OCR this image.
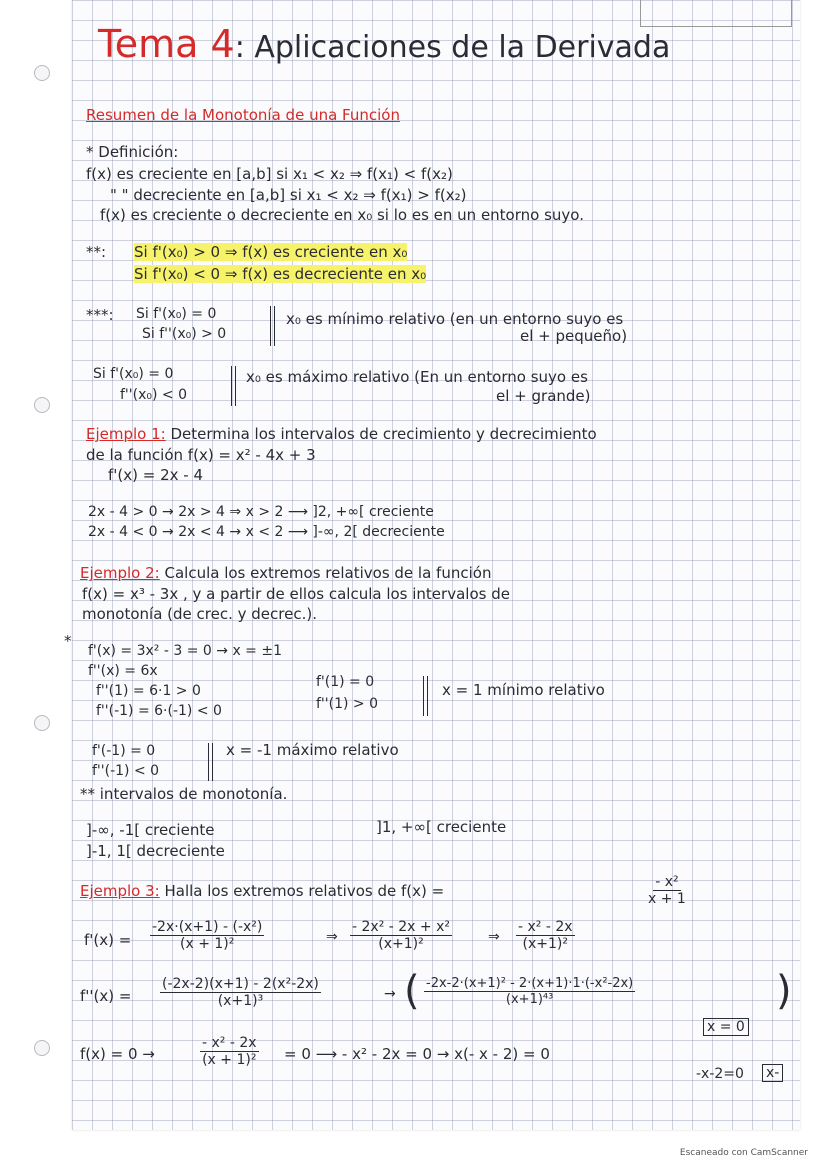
Tema 4: Aplicaciones de la Derivada
Resumen de la Monotonía de una Función
* Definición:
f(x) es creciente en [a,b] si x₁ < x₂ ⇒ f(x₁) < f(x₂)
" " decreciente en [a,b] si x₁ < x₂ ⇒ f(x₁) > f(x₂)
f(x) es creciente o decreciente en x₀ si lo es en un entorno suyo.
**: Si f'(x₀) > 0 ⇒ f(x) es creciente en x₀
Si f'(x₀) < 0 ⇒ f(x) es decreciente en x₀
***: Si f'(x₀) = 0
Si f''(x₀) > 0
x₀ es mínimo relativo (en un entorno suyo es
el + pequeño)
Si f'(x₀) = 0
f''(x₀) < 0
x₀ es máximo relativo (En un entorno suyo es
el + grande)
Ejemplo 1: Determina los intervalos de crecimiento y decrecimiento
de la función f(x) = x² - 4x + 3
f'(x) = 2x - 4
2x - 4 > 0 → 2x > 4 ⇒ x > 2 ⟶ ]2, +∞[ creciente
2x - 4 < 0 → 2x < 4 → x < 2 ⟶ ]-∞, 2[ decreciente
Ejemplo 2: Calcula los extremos relativos de la función
f(x) = x³ - 3x , y a partir de ellos calcula los intervalos de
monotonía (de crec. y decrec.).
*
f'(x) = 3x² - 3 = 0 → x = ±1
f''(x) = 6x
f''(1) = 6·1 > 0
f''(-1) = 6·(-1) < 0
f'(1) = 0
f''(1) > 0
x = 1 mínimo relativo
f'(-1) = 0
f''(-1) < 0
x = -1 máximo relativo
** intervalos de monotonía.
]-∞, -1[ creciente	]1, +∞[ creciente
]-1, 1[ decreciente
Ejemplo 3: Halla los extremos relativos de f(x) =	$\frac{\text{- x²}}{x + 1}$
$f'(x) = \frac{\text{-2x·(x+1) - (-x²)}}{\text{(x + 1)²}}$	⇒ $\frac{\text{- 2x² - 2x + x²}}{\text{(x+1)²}}$	⇒ $\frac{\text{- x² - 2x}}{\text{(x+1)²}}$
$f''(x) = \frac{\text{(-2x-2)(x+1) - 2(x²-2x)}}{\text{(x+1)³}}$	→ ( $\frac{\text{-2x-2·(x+1)² - 2·(x+1)·1·(-x²-2x)}}{\text{(x+1)⁴³}}$	)
f(x) = 0 →	$\frac{\text{- x² - 2x}}{\text{(x + 1)²}} = 0$ ⟶ - x² - 2x = 0 → x(- x - 2) = 0
x = 0
-x-2=0 x-
Escaneado con CamScanner
